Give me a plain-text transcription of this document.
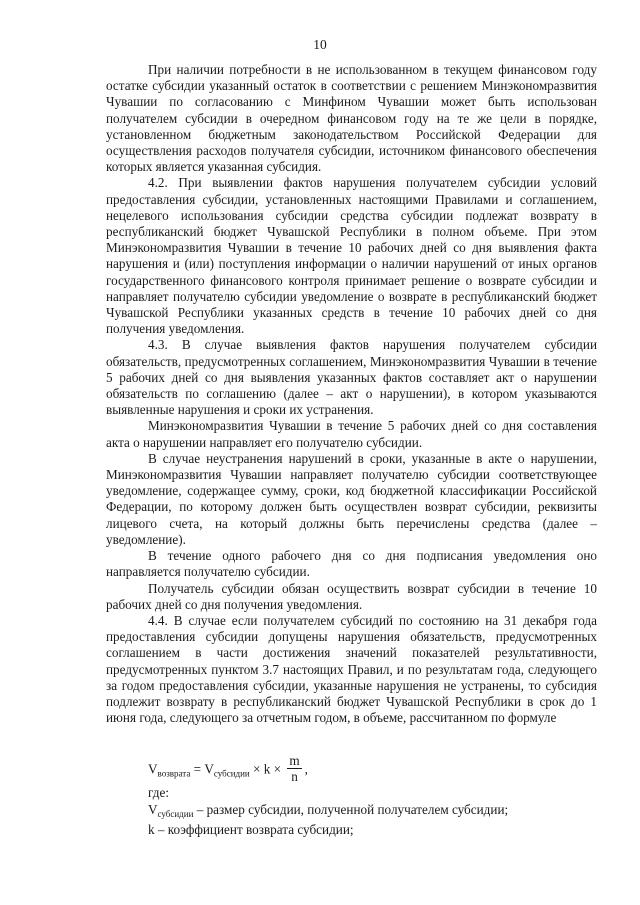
10

При наличии потребности в не использованном в текущем финансовом году остатке субсидии указанный остаток в соответствии с решением Минэкономразвития Чувашии по согласованию с Минфином Чувашии может быть использован получателем субсидии в очередном финансовом году на те же цели в порядке, установленном бюджетным законодательством Российской Федерации для осуществления расходов получателя субсидии, источником финансового обеспечения которых является указанная субсидия.

4.2. При выявлении фактов нарушения получателем субсидии условий предоставления субсидии, установленных настоящими Правилами и соглашением, нецелевого использования субсидии средства субсидии подлежат возврату в республиканский бюджет Чувашской Республики в полном объеме. При этом Минэкономразвития Чувашии в течение 10 рабочих дней со дня выявления факта нарушения и (или) поступления информации о наличии нарушений от иных органов государственного финансового контроля принимает решение о возврате субсидии и направляет получателю субсидии уведомление о возврате в республиканский бюджет Чувашской Республики указанных средств в течение 10 рабочих дней со дня получения уведомления.

4.3. В случае выявления фактов нарушения получателем субсидии обязательств, предусмотренных соглашением, Минэкономразвития Чувашии в течение 5 рабочих дней со дня выявления указанных фактов составляет акт о нарушении обязательств по соглашению (далее – акт о нарушении), в котором указываются выявленные нарушения и сроки их устранения.

Минэкономразвития Чувашии в течение 5 рабочих дней со дня составления акта о нарушении направляет его получателю субсидии.

В случае неустранения нарушений в сроки, указанные в акте о нарушении, Минэкономразвития Чувашии направляет получателю субсидии соответствующее уведомление, содержащее сумму, сроки, код бюджетной классификации Российской Федерации, по которому должен быть осуществлен возврат субсидии, реквизиты лицевого счета, на который должны быть перечислены средства (далее – уведомление).

В течение одного рабочего дня со дня подписания уведомления оно направляется получателю субсидии.

Получатель субсидии обязан осуществить возврат субсидии в течение 10 рабочих дней со дня получения уведомления.

4.4. В случае если получателем субсидий по состоянию на 31 декабря года предоставления субсидии допущены нарушения обязательств, предусмотренных соглашением в части достижения значений показателей результативности, предусмотренных пунктом 3.7 настоящих Правил, и по результатам года, следующего за годом предоставления субсидии, указанные нарушения не устранены, то субсидия подлежит возврату в республиканский бюджет Чувашской Республики в срок до 1 июня года, следующего за отчетным годом, в объеме, рассчитанном по формуле

$V_{возврата} = V_{субсидии} \times k \times \frac{m}{n}$ ,
где:
$V_{субсидии}$ – размер субсидии, полученной получателем субсидии;
k – коэффициент возврата субсидии;
